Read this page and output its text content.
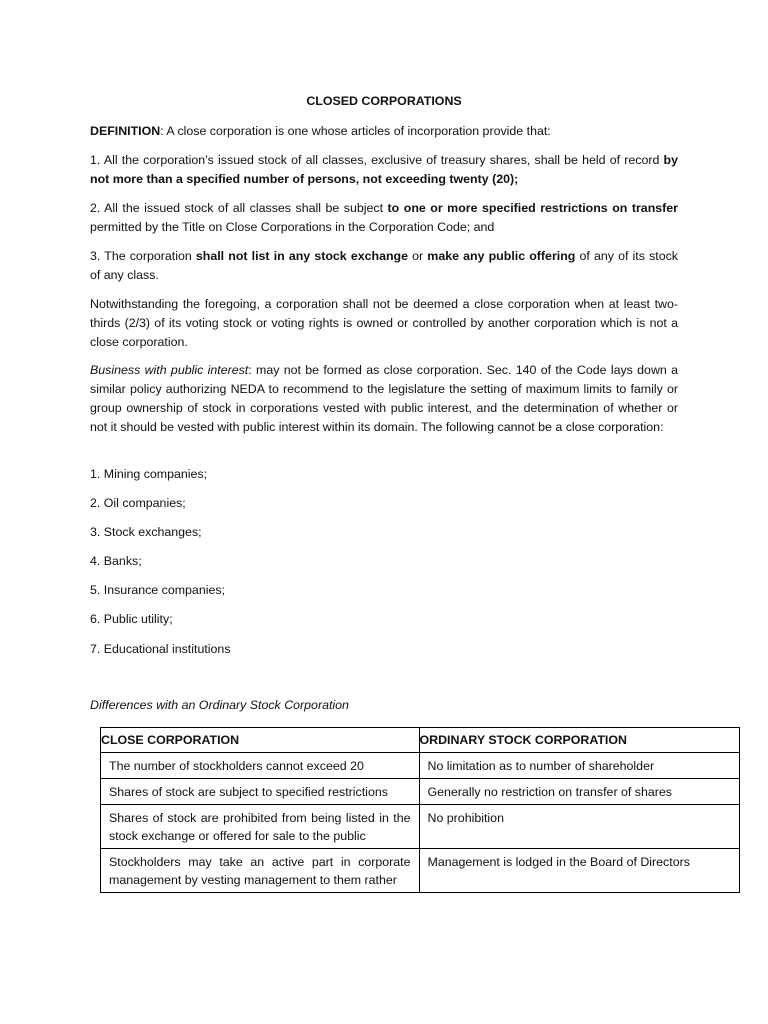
CLOSED CORPORATIONS

DEFINITION: A close corporation is one whose articles of incorporation provide that:

1. All the corporation’s issued stock of all classes, exclusive of treasury shares, shall be held of record by not more than a specified number of persons, not exceeding twenty (20);

2. All the issued stock of all classes shall be subject to one or more specified restrictions on transfer permitted by the Title on Close Corporations in the Corporation Code; and

3. The corporation shall not list in any stock exchange or make any public offering of any of its stock of any class.

Notwithstanding the foregoing, a corporation shall not be deemed a close corporation when at least two-thirds (2/3) of its voting stock or voting rights is owned or controlled by another corporation which is not a close corporation.

Business with public interest: may not be formed as close corporation. Sec. 140 of the Code lays down a similar policy authorizing NEDA to recommend to the legislature the setting of maximum limits to family or group ownership of stock in corporations vested with public interest, and the determination of whether or not it should be vested with public interest within its domain. The following cannot be a close corporation:

1. Mining companies;
2. Oil companies;
3. Stock exchanges;
4. Banks;
5. Insurance companies;
6. Public utility;
7. Educational institutions
Differences with an Ordinary Stock Corporation
CLOSE CORPORATION	ORDINARY STOCK CORPORATION
The number of stockholders cannot exceed 20	No limitation as to number of shareholder
Shares of stock are subject to specified restrictions	Generally no restriction on transfer of shares
Shares of stock are prohibited from being listed in the stock exchange or offered for sale to the public	No prohibition
Stockholders may take an active part in corporate management by vesting management to them rather	Management is lodged in the Board of Directors
